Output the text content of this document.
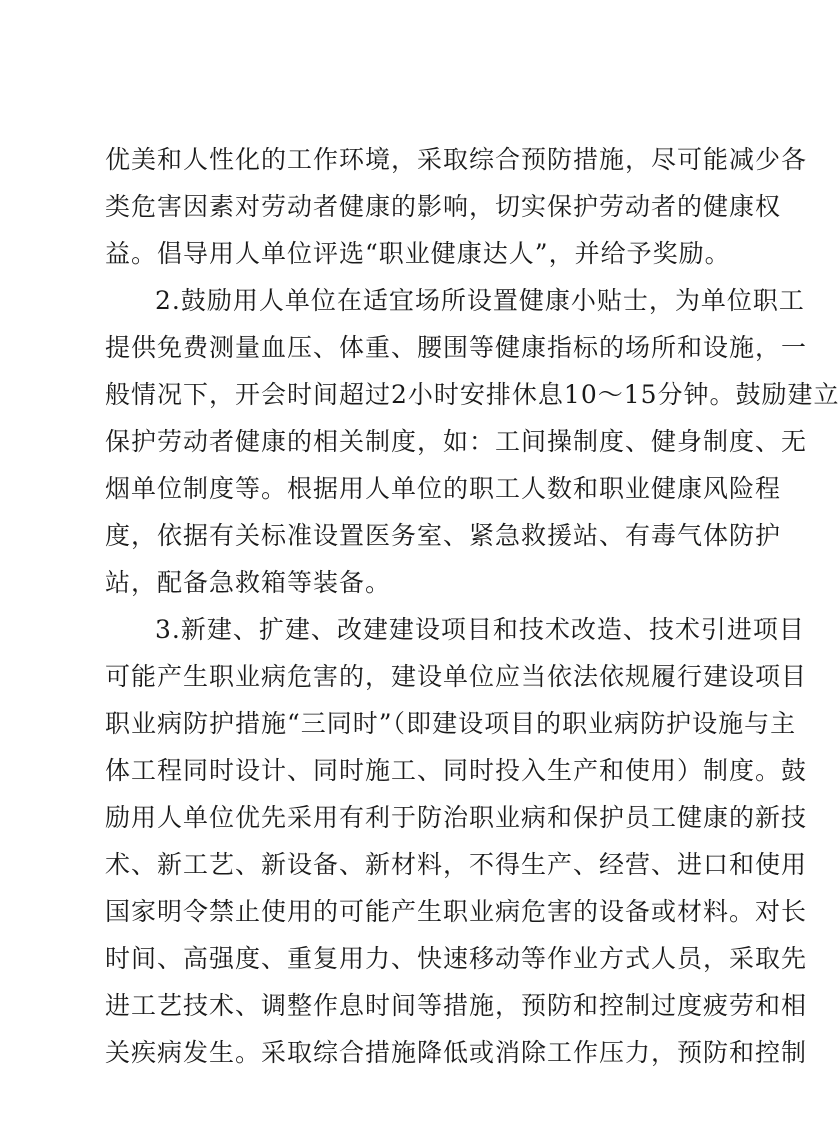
优美和人性化的工作环境，采取综合预防措施，尽可能减少各
类危害因素对劳动者健康的影响，切实保护劳动者的健康权
益。倡导用人单位评选“职业健康达人”，并给予奖励。
2.鼓励用人单位在适宜场所设置健康小贴士，为单位职工
提供免费测量血压、体重、腰围等健康指标的场所和设施，一
般情况下，开会时间超过2小时安排休息10～15分钟。鼓励建立
保护劳动者健康的相关制度，如：工间操制度、健身制度、无
烟单位制度等。根据用人单位的职工人数和职业健康风险程
度，依据有关标准设置医务室、紧急救援站、有毒气体防护
站，配备急救箱等装备。
3.新建、扩建、改建建设项目和技术改造、技术引进项目
可能产生职业病危害的，建设单位应当依法依规履行建设项目
职业病防护措施“三同时”（即建设项目的职业病防护设施与主
体工程同时设计、同时施工、同时投入生产和使用）制度。鼓
励用人单位优先采用有利于防治职业病和保护员工健康的新技
术、新工艺、新设备、新材料，不得生产、经营、进口和使用
国家明令禁止使用的可能产生职业病危害的设备或材料。对长
时间、高强度、重复用力、快速移动等作业方式人员，采取先
进工艺技术、调整作息时间等措施，预防和控制过度疲劳和相
关疾病发生。采取综合措施降低或消除工作压力，预防和控制
